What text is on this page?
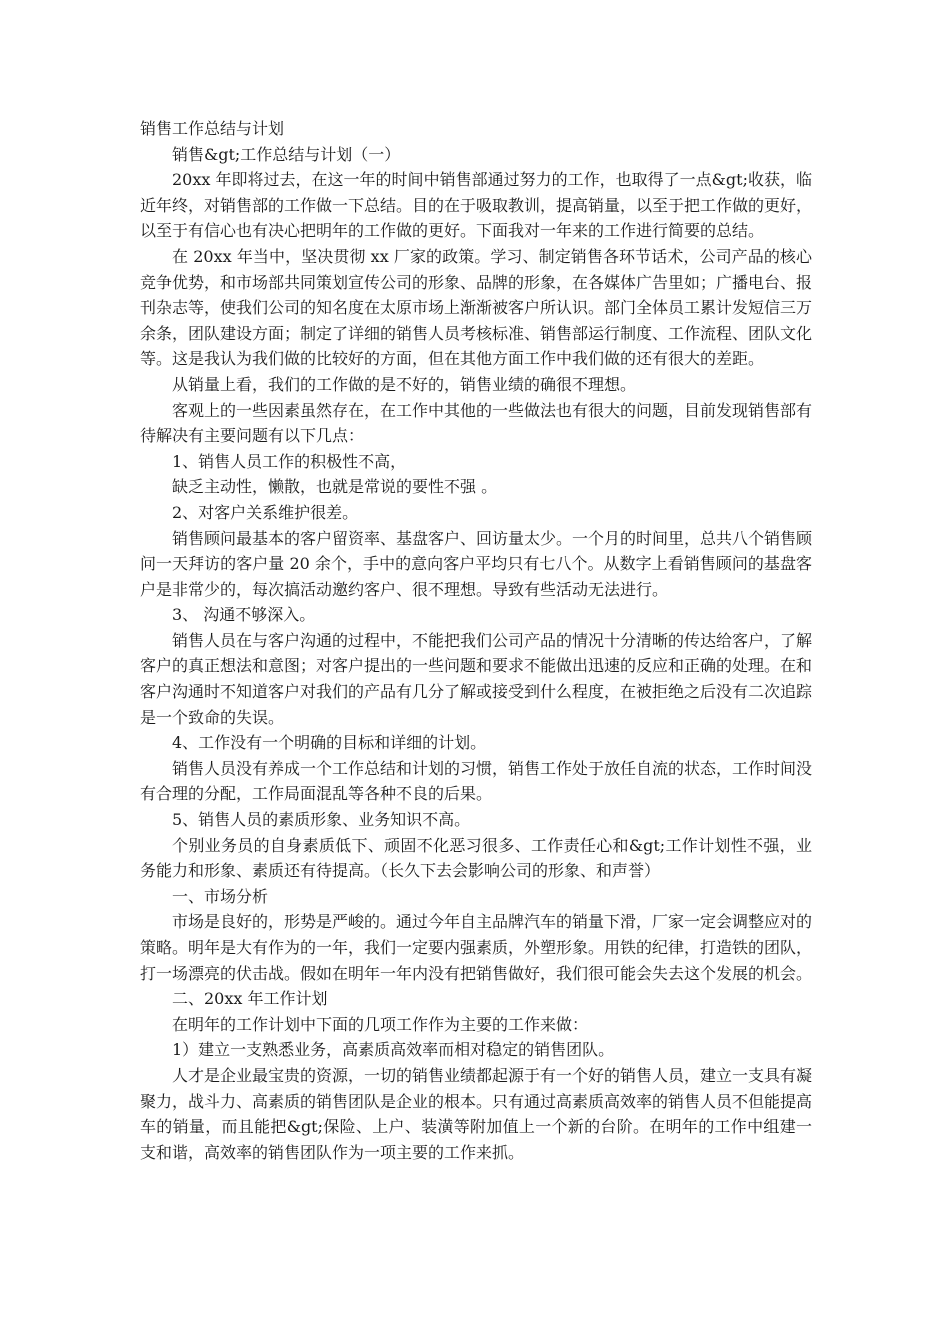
销售工作总结与计划

销售&gt;工作总结与计划（一）

20xx 年即将过去，在这一年的时间中销售部通过努力的工作，也取得了一点&gt;收获，临近年终，对销售部的工作做一下总结。目的在于吸取教训，提高销量，以至于把工作做的更好，以至于有信心也有决心把明年的工作做的更好。下面我对一年来的工作进行简要的总结。

在 20xx 年当中，坚决贯彻 xx 厂家的政策。学习、制定销售各环节话术，公司产品的核心竞争优势，和市场部共同策划宣传公司的形象、品牌的形象，在各媒体广告里如；广播电台、报刊杂志等，使我们公司的知名度在太原市场上渐渐被客户所认识。部门全体员工累计发短信三万余条，团队建设方面；制定了详细的销售人员考核标准、销售部运行制度、工作流程、团队文化等。这是我认为我们做的比较好的方面，但在其他方面工作中我们做的还有很大的差距。

从销量上看，我们的工作做的是不好的，销售业绩的确很不理想。

客观上的一些因素虽然存在，在工作中其他的一些做法也有很大的问题，目前发现销售部有待解决有主要问题有以下几点：

1、销售人员工作的积极性不高，

缺乏主动性，懒散，也就是常说的要性不强 。

2、对客户关系维护很差。

销售顾问最基本的客户留资率、基盘客户、回访量太少。一个月的时间里，总共八个销售顾问一天拜访的客户量 20 余个，手中的意向客户平均只有七八个。从数字上看销售顾问的基盘客户是非常少的，每次搞活动邀约客户、很不理想。导致有些活动无法进行。

3、 沟通不够深入。

销售人员在与客户沟通的过程中，不能把我们公司产品的情况十分清晰的传达给客户，了解客户的真正想法和意图；对客户提出的一些问题和要求不能做出迅速的反应和正确的处理。在和客户沟通时不知道客户对我们的产品有几分了解或接受到什么程度，在被拒绝之后没有二次追踪是一个致命的失误。

4、工作没有一个明确的目标和详细的计划。

销售人员没有养成一个工作总结和计划的习惯，销售工作处于放任自流的状态，工作时间没有合理的分配，工作局面混乱等各种不良的后果。

5、销售人员的素质形象、业务知识不高。

个别业务员的自身素质低下、顽固不化恶习很多、工作责任心和&gt;工作计划性不强，业务能力和形象、素质还有待提高。（长久下去会影响公司的形象、和声誉）

一、市场分析

市场是良好的，形势是严峻的。通过今年自主品牌汽车的销量下滑，厂家一定会调整应对的策略。明年是大有作为的一年，我们一定要内强素质，外塑形象。用铁的纪律，打造铁的团队，打一场漂亮的伏击战。假如在明年一年内没有把销售做好，我们很可能会失去这个发展的机会。

二、20xx 年工作计划

在明年的工作计划中下面的几项工作作为主要的工作来做：

1）建立一支熟悉业务，高素质高效率而相对稳定的销售团队。

人才是企业最宝贵的资源，一切的销售业绩都起源于有一个好的销售人员，建立一支具有凝聚力，战斗力、高素质的销售团队是企业的根本。只有通过高素质高效率的销售人员不但能提高车的销量，而且能把&gt;保险、上户、装潢等附加值上一个新的台阶。在明年的工作中组建一支和谐，高效率的销售团队作为一项主要的工作来抓。
